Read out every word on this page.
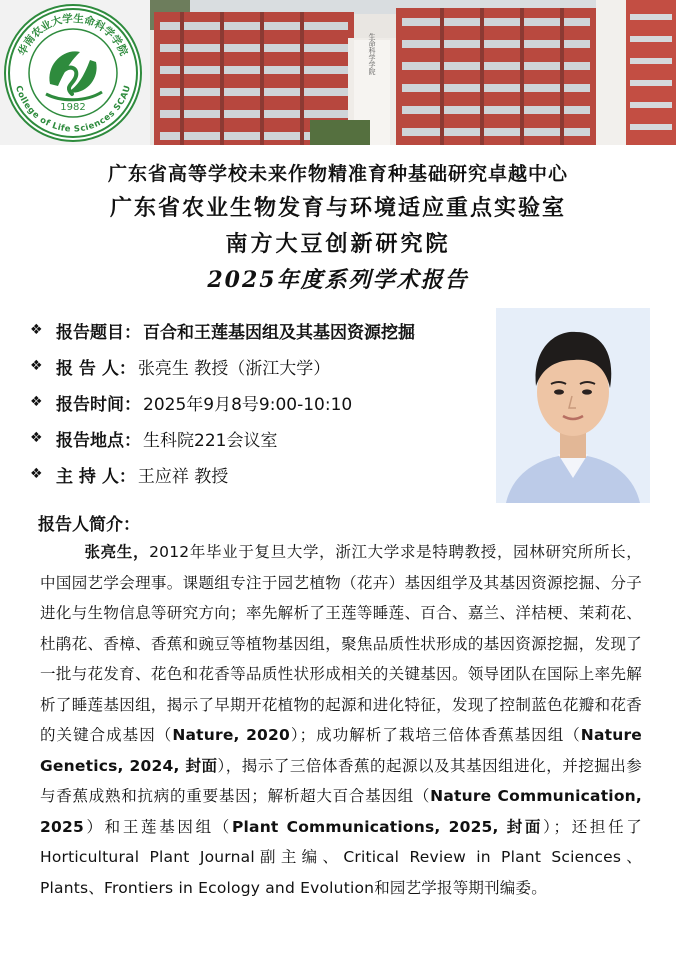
华南农业大学生命科学学院
College of Life Sciences SCAU
1982
生命科学学院
广东省高等学校未来作物精准育种基础研究卓越中心
广东省农业生物发育与环境适应重点实验室
南方大豆创新研究院
2025年度系列学术报告
❖ 报告题目 ： 百合和王莲基因组及其基因资源挖掘
❖ 报 告 人 ： 张亮生 教授（浙江大学）
❖ 报告时间 ： 2025年9月8号9:00-10:10
❖ 报告地点 ： 生科院221会议室
❖ 主 持 人 ： 王应祥 教授
报告人简介：
张亮生，2012年毕业于复旦大学，浙江大学求是特聘教授，园林研究所所长，中国园艺学会理事。课题组专注于园艺植物（花卉）基因组学及其基因资源挖掘、分子进化与生物信息等研究方向；率先解析了王莲等睡莲、百合、嘉兰、洋桔梗、茉莉花、杜鹃花、香樟、香蕉和豌豆等植物基因组，聚焦品质性状形成的基因资源挖掘，发现了一批与花发育、花色和花香等品质性状形成相关的关键基因。领导团队在国际上率先解析了睡莲基因组，揭示了早期开花植物的起源和进化特征，发现了控制蓝色花瓣和花香的关键合成基因（Nature, 2020）；成功解析了栽培三倍体香蕉基因组（Nature Genetics, 2024, 封面），揭示了三倍体香蕉的起源以及其基因组进化，并挖掘出参与香蕉成熟和抗病的重要基因；解析超大百合基因组（Nature Communication, 2025）和王莲基因组（Plant Communications, 2025, 封面）；还担任了Horticultural Plant Journal副主编、Critical Review in Plant Sciences、Plants、Frontiers in Ecology and Evolution和园艺学报等期刊编委。
